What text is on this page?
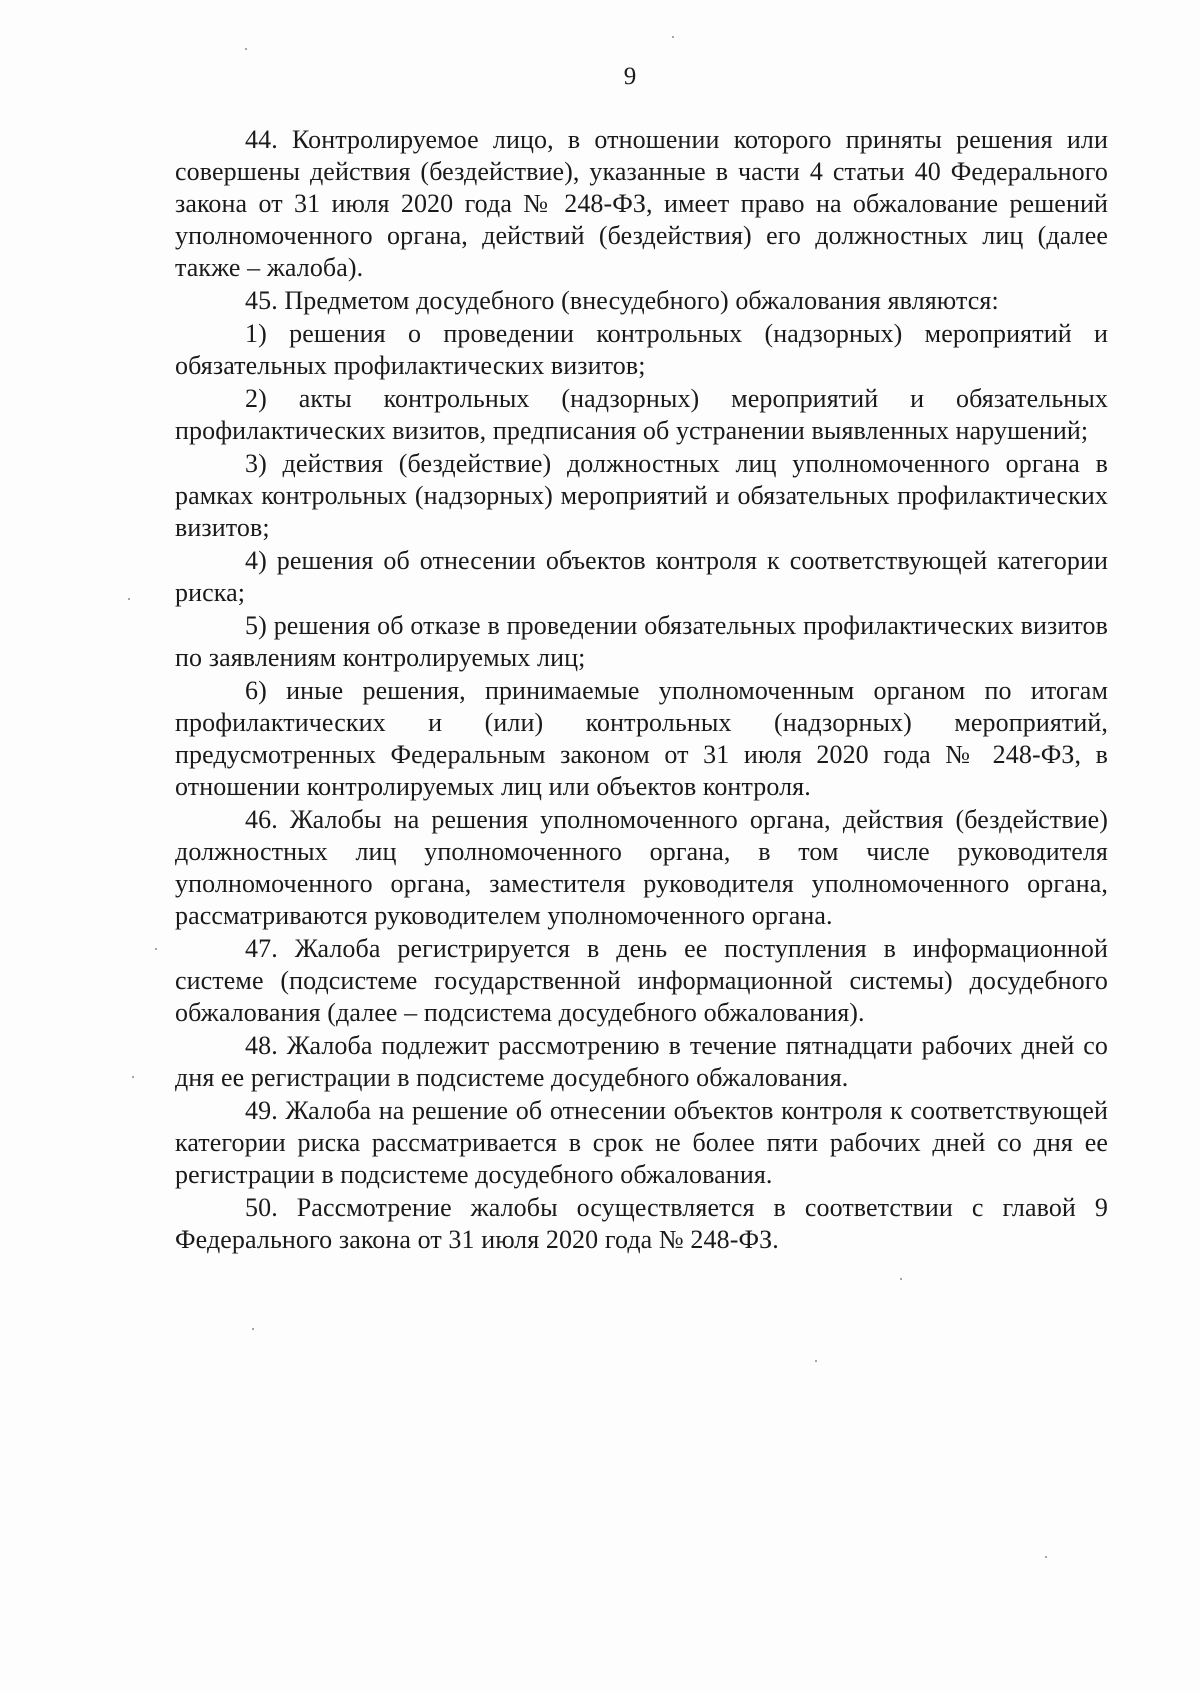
9

44. Контролируемое лицо, в отношении которого приняты решения или совершены действия (бездействие), указанные в части 4 статьи 40 Федерального закона от 31 июля 2020 года № 248-ФЗ, имеет право на обжалование решений уполномоченного органа, действий (бездействия) его должностных лиц (далее также – жалоба).

45. Предметом досудебного (внесудебного) обжалования являются:

1) решения о проведении контрольных (надзорных) мероприятий и обязательных профилактических визитов;

2) акты контрольных (надзорных) мероприятий и обязательных профилактических визитов, предписания об устранении выявленных нарушений;

3) действия (бездействие) должностных лиц уполномоченного органа в рамках контрольных (надзорных) мероприятий и обязательных профилактических визитов;

4) решения об отнесении объектов контроля к соответствующей категории риска;

5) решения об отказе в проведении обязательных профилактических визитов по заявлениям контролируемых лиц;

6) иные решения, принимаемые уполномоченным органом по итогам профилактических и (или) контрольных (надзорных) мероприятий, предусмотренных Федеральным законом от 31 июля 2020 года № 248-ФЗ, в отношении контролируемых лиц или объектов контроля.

46. Жалобы на решения уполномоченного органа, действия (бездействие) должностных лиц уполномоченного органа, в том числе руководителя уполномоченного органа, заместителя руководителя уполномоченного органа, рассматриваются руководителем уполномоченного органа.

47. Жалоба регистрируется в день ее поступления в информационной системе (подсистеме государственной информационной системы) досудебного обжалования (далее – подсистема досудебного обжалования).

48. Жалоба подлежит рассмотрению в течение пятнадцати рабочих дней со дня ее регистрации в подсистеме досудебного обжалования.

49. Жалоба на решение об отнесении объектов контроля к соответствующей категории риска рассматривается в срок не более пяти рабочих дней со дня ее регистрации в подсистеме досудебного обжалования.

50. Рассмотрение жалобы осуществляется в соответствии с главой 9 Федерального закона от 31 июля 2020 года № 248-ФЗ.
